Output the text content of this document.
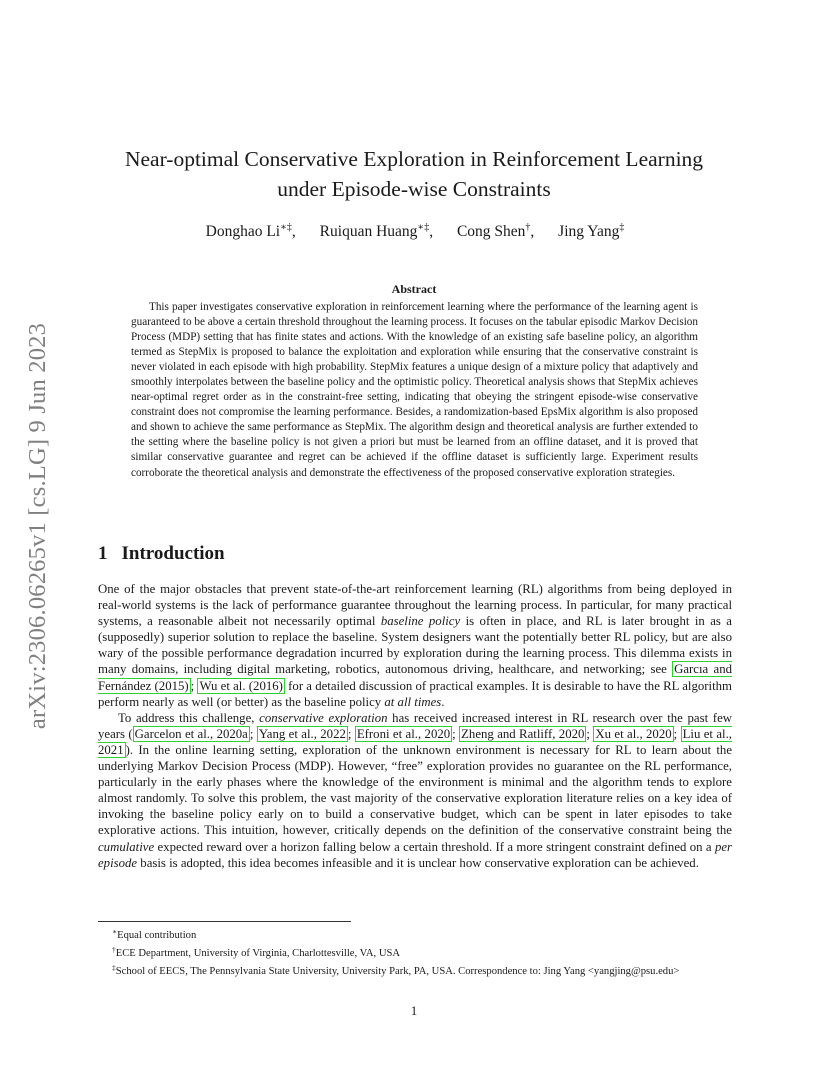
arXiv:2306.06265v1 [cs.LG] 9 Jun 2023
Near-optimal Conservative Exploration in Reinforcement Learning
under Episode-wise Constraints
Donghao Li∗‡, Ruiquan Huang∗‡, Cong Shen†, Jing Yang‡
Abstract

This paper investigates conservative exploration in reinforcement learning where the performance of the learning agent is guaranteed to be above a certain threshold throughout the learning process. It focuses on the tabular episodic Markov Decision Process (MDP) setting that has finite states and actions. With the knowledge of an existing safe baseline policy, an algorithm termed as StepMix is proposed to balance the exploitation and exploration while ensuring that the conservative constraint is never violated in each episode with high probability. StepMix features a unique design of a mixture policy that adaptively and smoothly interpolates between the baseline policy and the optimistic policy. Theoretical analysis shows that StepMix achieves near-optimal regret order as in the constraint-free setting, indicating that obeying the stringent episode-wise conservative constraint does not compromise the learning performance. Besides, a randomization-based EpsMix algorithm is also proposed and shown to achieve the same performance as StepMix. The algorithm design and theoretical analysis are further extended to the setting where the baseline policy is not given a priori but must be learned from an offline dataset, and it is proved that similar conservative guarantee and regret can be achieved if the offline dataset is sufficiently large. Experiment results corroborate the theoretical analysis and demonstrate the effectiveness of the proposed conservative exploration strategies.

1 Introduction

One of the major obstacles that prevent state-of-the-art reinforcement learning (RL) algorithms from being deployed in real-world systems is the lack of performance guarantee throughout the learning process. In particular, for many practical systems, a reasonable albeit not necessarily optimal baseline policy is often in place, and RL is later brought in as a (supposedly) superior solution to replace the baseline. System designers want the potentially better RL policy, but are also wary of the possible performance degradation incurred by exploration during the learning process. This dilemma exists in many domains, including digital marketing, robotics, autonomous driving, healthcare, and networking; see Garcıa and Fernández (2015) ; Wu et al. (2016) for a detailed discussion of practical examples. It is desirable to have the RL algorithm perform nearly as well (or better) as the baseline policy at all times.

To address this challenge, conservative exploration has received increased interest in RL research over the past few years ( Garcelon et al., 2020a ; Yang et al., 2022 ; Efroni et al., 2020 ; Zheng and Ratliff, 2020 ; Xu et al., 2020 ; Liu et al., 2021 ). In the online learning setting, exploration of the unknown environment is necessary for RL to learn about the underlying Markov Decision Process (MDP). However, “free” exploration provides no guarantee on the RL performance, particularly in the early phases where the knowledge of the environment is minimal and the algorithm tends to explore almost randomly. To solve this problem, the vast majority of the conservative exploration literature relies on a key idea of invoking the baseline policy early on to build a conservative budget, which can be spent in later episodes to take explorative actions. This intuition, however, critically depends on the definition of the conservative constraint being the cumulative expected reward over a horizon falling below a certain threshold. If a more stringent constraint defined on a per episode basis is adopted, this idea becomes infeasible and it is unclear how conservative exploration can be achieved.

∗Equal contribution

†ECE Department, University of Virginia, Charlottesville, VA, USA

‡School of EECS, The Pennsylvania State University, University Park, PA, USA. Correspondence to: Jing Yang <yangjing@psu.edu>

1
